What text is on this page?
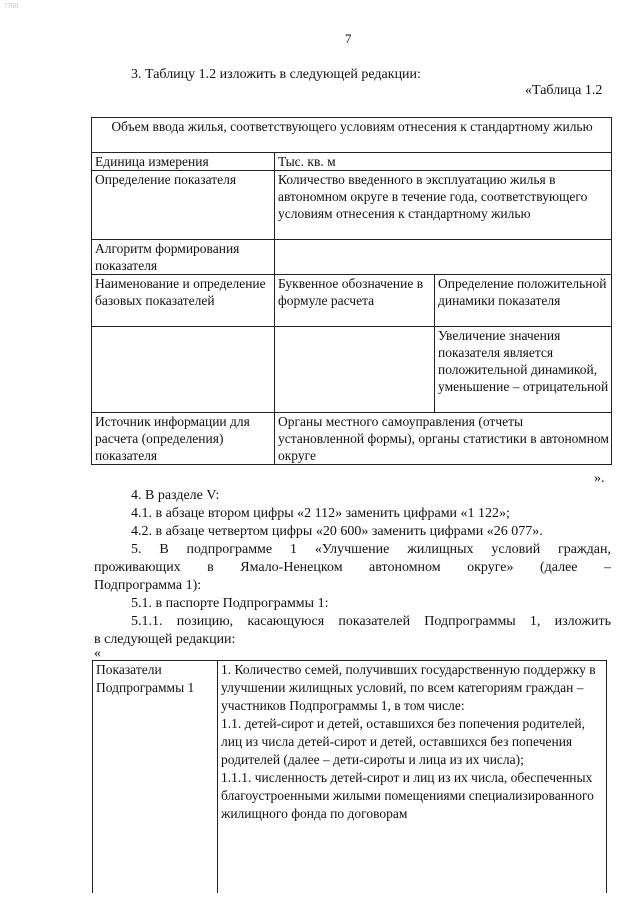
7700
7
3. Таблицу 1.2 изложить в следующей редакции:
«Таблица 1.2
Объем ввода жилья, соответствующего условиям отнесения к стандартному жилью		
Единица измерения	Тыс. кв. м	
Определение показателя	Количество введенного в эксплуатацию жилья в автономном округе в течение года, соответствующего условиям отнесения к стандартному жилью	
Алгоритм формирования показателя		
Наименование и определение базовых показателей	Буквенное обозначение в формуле расчета	Определение положительной динамики показателя
		Увеличение значения показателя является положительной динамикой, уменьшение – отрицательной
Источник информации для расчета (определения) показателя	Органы местного самоуправления (отчеты установленной формы), органы статистики в автономном округе	
».
4. В разделе V:
4.1. в абзаце втором цифры «2 112» заменить цифрами «1 122»;
4.2. в абзаце четвертом цифры «20 600» заменить цифрами «26 077».
5. В подпрограмме 1 «Улучшение жилищных условий граждан,
проживающих в Ямало-Ненецком автономном округе» (далее –
Подпрограмма 1):
5.1. в паспорте Подпрограммы 1:
5.1.1. позицию, касающуюся показателей Подпрограммы 1, изложить
в следующей редакции:
«
Показатели Подпрограммы 1	1. Количество семей, получивших государственную поддержку в улучшении жилищных условий, по всем категориям граждан – участников Подпрограммы 1, в том числе:
1.1. детей-сирот и детей, оставшихся без попечения родителей, лиц из числа детей-сирот и детей, оставшихся без попечения родителей (далее – дети-сироты и лица из их числа);
1.1.1. численность детей-сирот и лиц из их числа, обеспеченных благоустроенными жилыми помещениями специализированного жилищного фонда по договорам
